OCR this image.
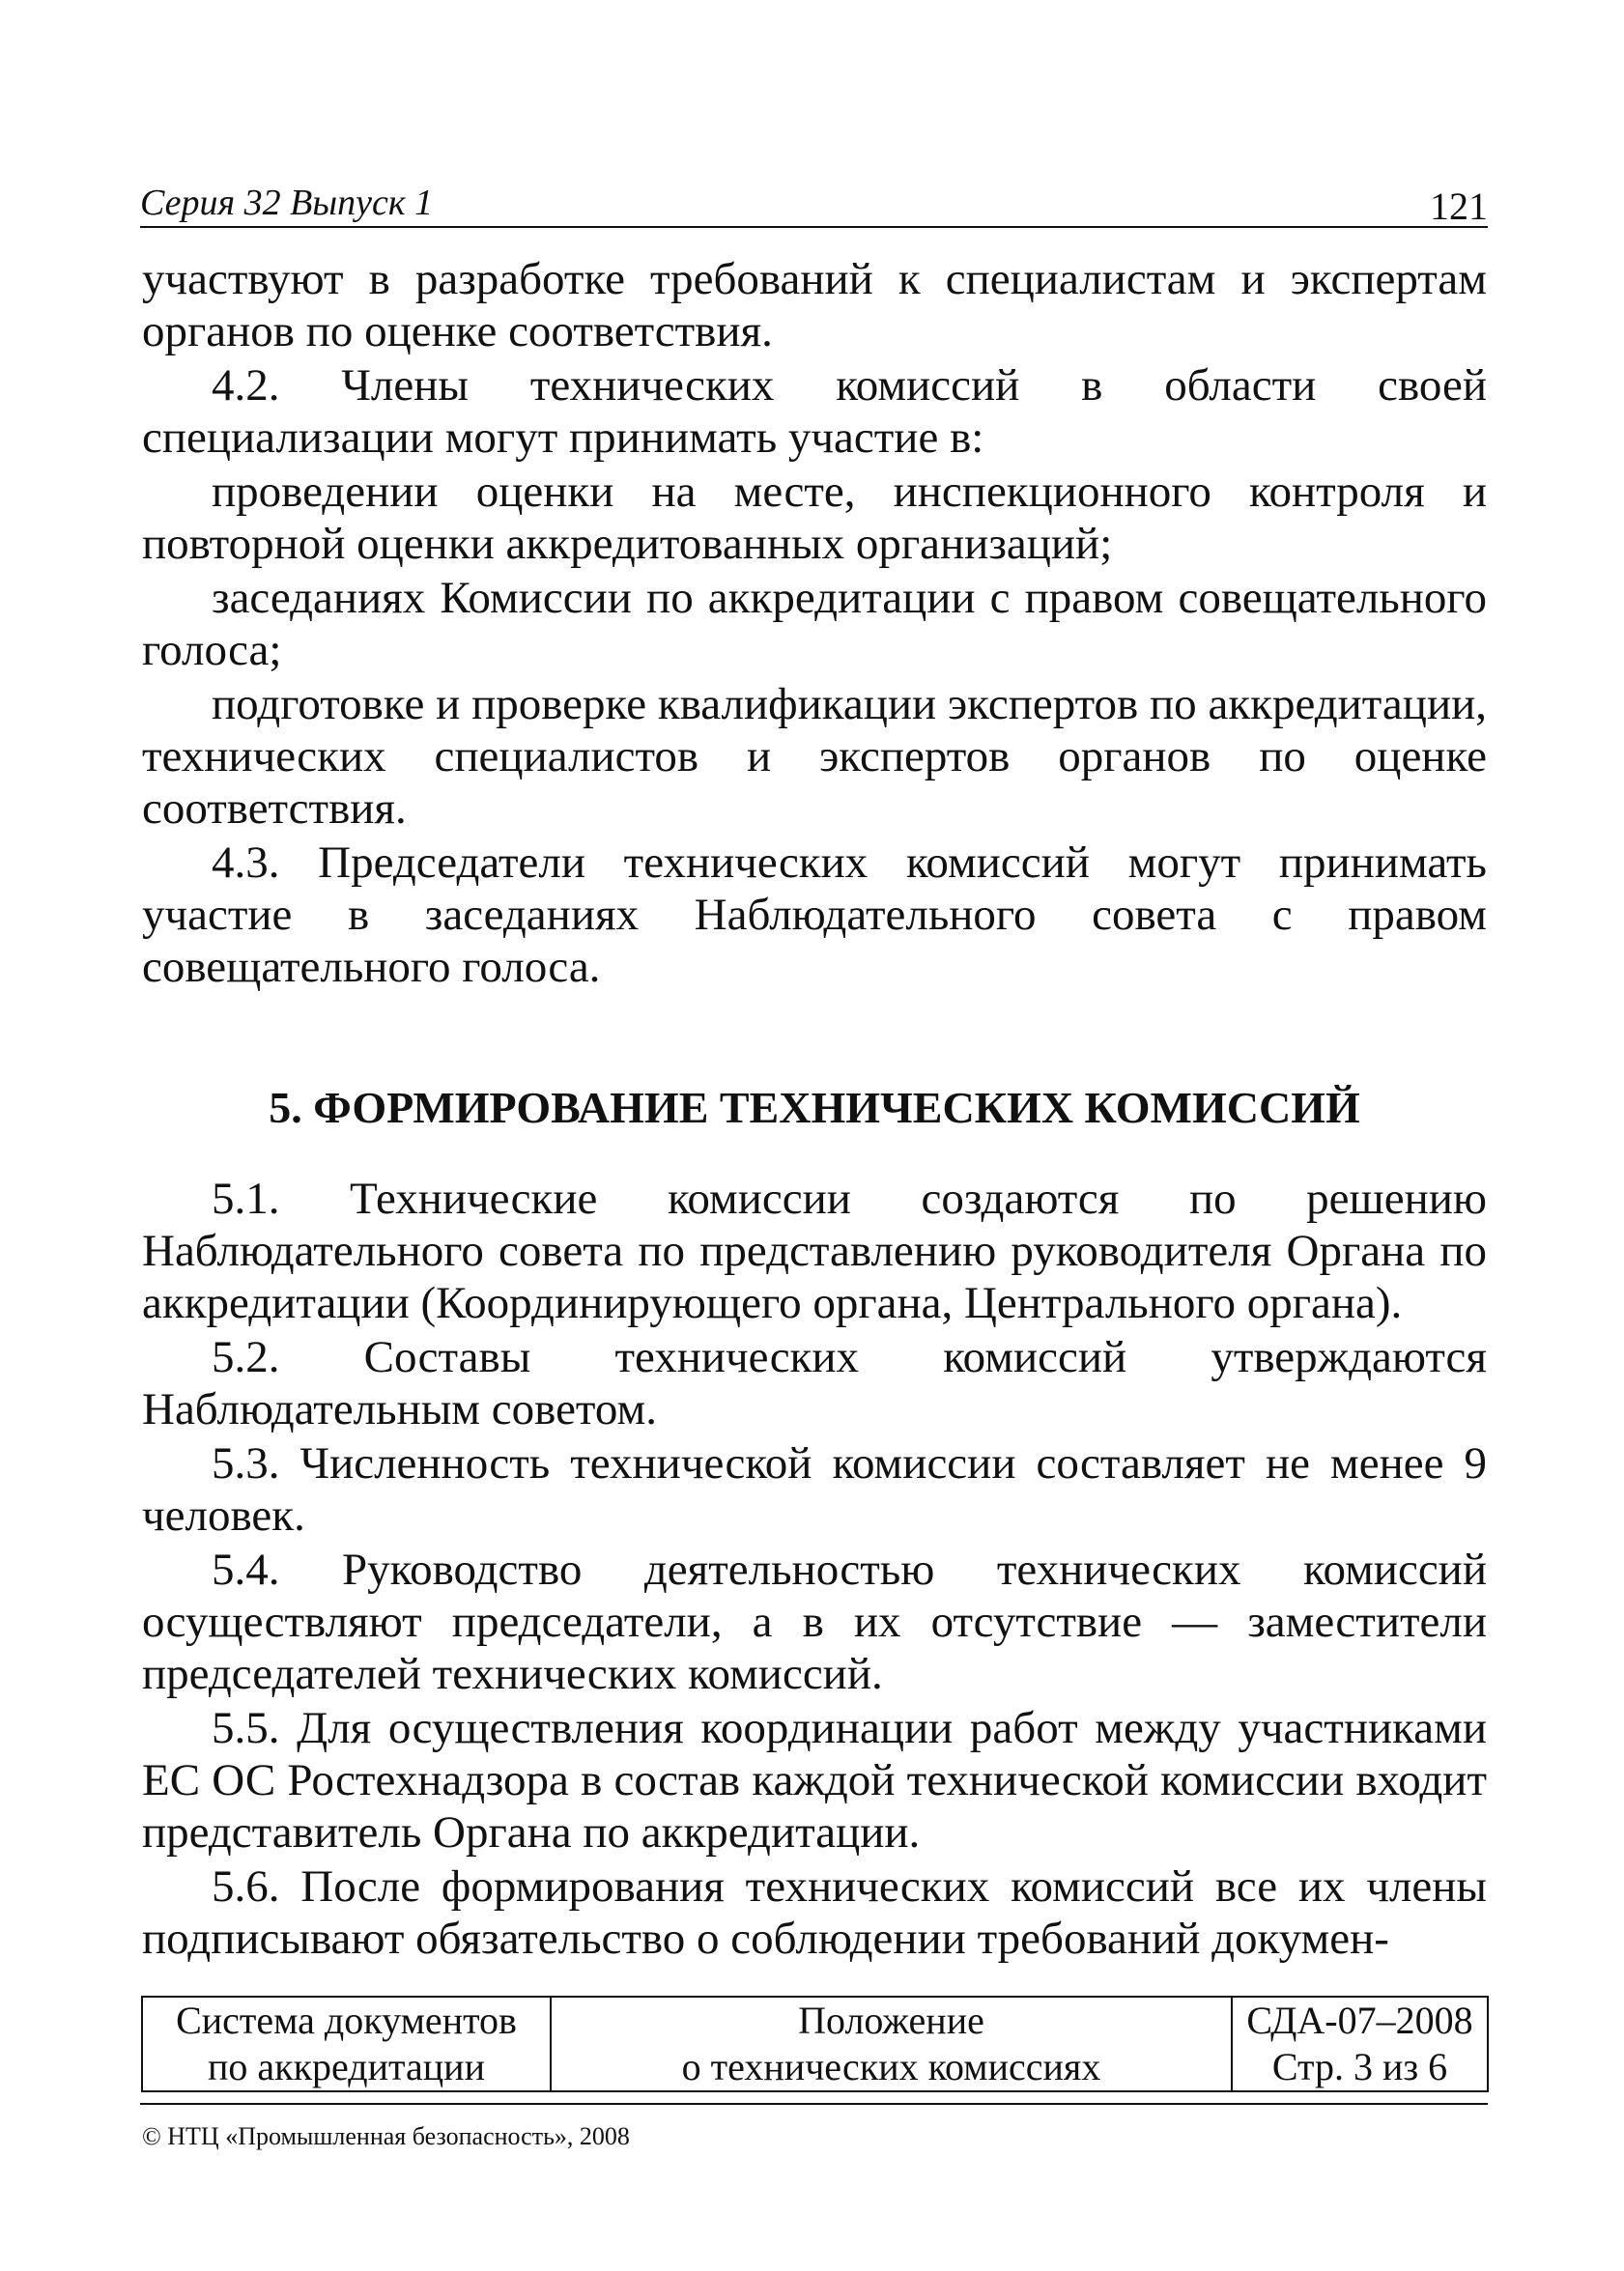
Серия 32 Выпуск 1	121

участвуют в разработке требований к специалистам и экспертам органов по оценке соответствия.

4.2. Члены технических комиссий в области своей специализации могут принимать участие в:

проведении оценки на месте, инспекционного контроля и повторной оценки аккредитованных организаций;

заседаниях Комиссии по аккредитации с правом совещательного голоса;

подготовке и проверке квалификации экспертов по аккредитации, технических специалистов и экспертов органов по оценке соответствия.

4.3. Председатели технических комиссий могут принимать участие в заседаниях Наблюдательного совета с правом совещательного голоса.

5. ФОРМИРОВАНИЕ ТЕХНИЧЕСКИХ КОМИССИЙ

5.1. Технические комиссии создаются по решению Наблюдательного совета по представлению руководителя Органа по аккредитации (Координирующего органа, Центрального органа).

5.2. Составы технических комиссий утверждаются Наблюдательным советом.

5.3. Численность технической комиссии составляет не менее 9 человек.

5.4. Руководство деятельностью технических комиссий осуществляют председатели, а в их отсутствие — заместители председателей технических комиссий.

5.5. Для осуществления координации работ между участниками ЕС ОС Ростехнадзора в состав каждой технической комиссии входит представитель Органа по аккредитации.

5.6. После формирования технических комиссий все их члены подписывают обязательство о соблюдении требований докумен-

Система документов
по аккредитации

Положение
о технических комиссиях

СДА-07–2008
Стр. 3 из 6
© НТЦ «Промышленная безопасность», 2008
